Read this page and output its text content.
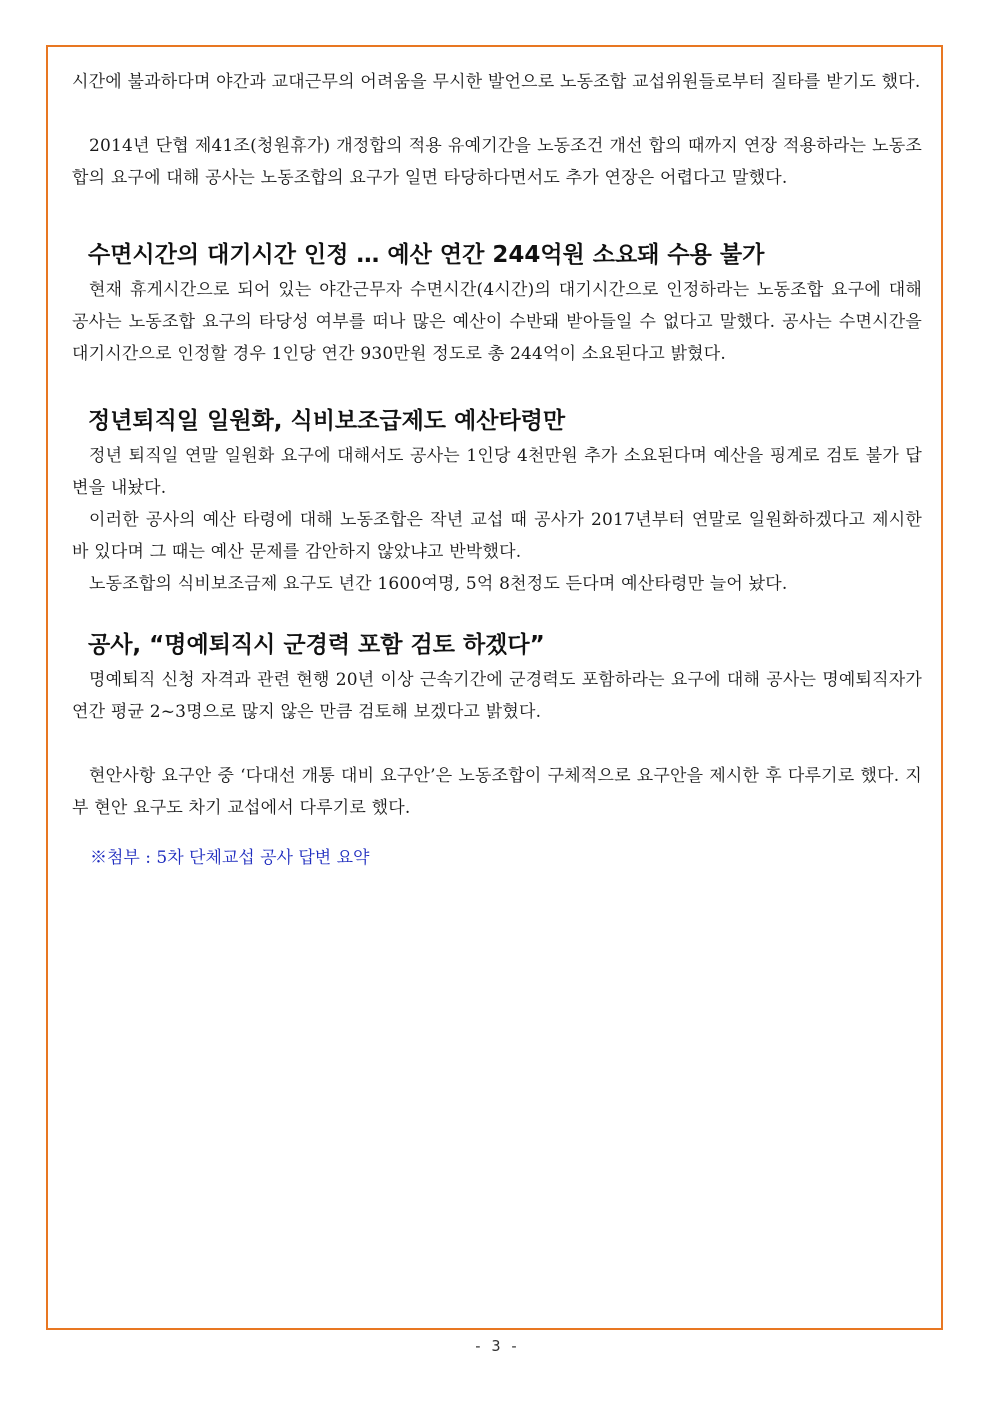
시간에 불과하다며 야간과 교대근무의 어려움을 무시한 발언으로 노동조합 교섭위원들로부터 질타를 받기도 했다.

2014년 단협 제41조(청원휴가) 개정합의 적용 유예기간을 노동조건 개선 합의 때까지 연장 적용하라는 노동조합의 요구에 대해 공사는 노동조합의 요구가 일면 타당하다면서도 추가 연장은 어렵다고 말했다.

수면시간의 대기시간 인정 … 예산 연간 244억원 소요돼 수용 불가

현재 휴게시간으로 되어 있는 야간근무자 수면시간(4시간)의 대기시간으로 인정하라는 노동조합 요구에 대해 공사는 노동조합 요구의 타당성 여부를 떠나 많은 예산이 수반돼 받아들일 수 없다고 말했다. 공사는 수면시간을 대기시간으로 인정할 경우 1인당 연간 930만원 정도로 총 244억이 소요된다고 밝혔다.

정년퇴직일 일원화, 식비보조급제도 예산타령만

정년 퇴직일 연말 일원화 요구에 대해서도 공사는 1인당 4천만원 추가 소요된다며 예산을 핑계로 검토 불가 답변을 내놨다.

이러한 공사의 예산 타령에 대해 노동조합은 작년 교섭 때 공사가 2017년부터 연말로 일원화하겠다고 제시한 바 있다며 그 때는 예산 문제를 감안하지 않았냐고 반박했다.

노동조합의 식비보조금제 요구도 년간 1600여명, 5억 8천정도 든다며 예산타령만 늘어 놨다.

공사, “명예퇴직시 군경력 포함 검토 하겠다”

명예퇴직 신청 자격과 관련 현행 20년 이상 근속기간에 군경력도 포함하라는 요구에 대해 공사는 명예퇴직자가 연간 평균 2~3명으로 많지 않은 만큼 검토해 보겠다고 밝혔다.

현안사항 요구안 중 ‘다대선 개통 대비 요구안’은 노동조합이 구체적으로 요구안을 제시한 후 다루기로 했다. 지부 현안 요구도 차기 교섭에서 다루기로 했다.

※첨부 : 5차 단체교섭 공사 답변 요약

- 3 -
